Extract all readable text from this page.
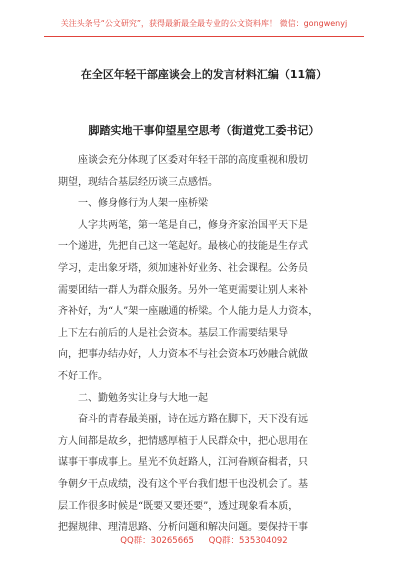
关注头条号“公文研究”，获得最新最全最专业的公文资料库！ 微信：gongwenyj
在全区年轻干部座谈会上的发言材料汇编（11篇）
脚踏实地干事仰望星空思考（街道党工委书记）
　　座谈会充分体现了区委对年轻干部的高度重视和殷切
期望，现结合基层经历谈三点感悟。
　　一、修身修行为人架一座桥梁
　　人字共两笔，第一笔是自己，修身齐家治国平天下是
一个递进，先把自己这一笔起好。最核心的技能是生存式
学习，走出象牙塔，须加速补好业务、社会课程。公务员
需要团结一群人为群众服务。另外一笔更需要让别人来补
齐补好，为“人”架一座融通的桥梁。个人能力是人力资本，
上下左右前后的人是社会资本。基层工作需要结果导
向，把事办结办好，人力资本不与社会资本巧妙融合就做
不好工作。
　　二、勤勉务实让身与大地一起
　　奋斗的青春最美丽，诗在远方路在脚下，天下没有远
方人间都是故乡，把情感厚植于人民群众中，把心思用在
谋事干事成事上。星光不负赶路人，江河眷顾奋楫者，只
争朝夕干点成绩，没有这个平台我们想干也没机会了。基
层工作很多时候是“既要又要还要”，透过现象看本质，
把握规律、理清思路、分析问题和解决问题。要保持干事
QQ群：30265665 QQ群：535304092
